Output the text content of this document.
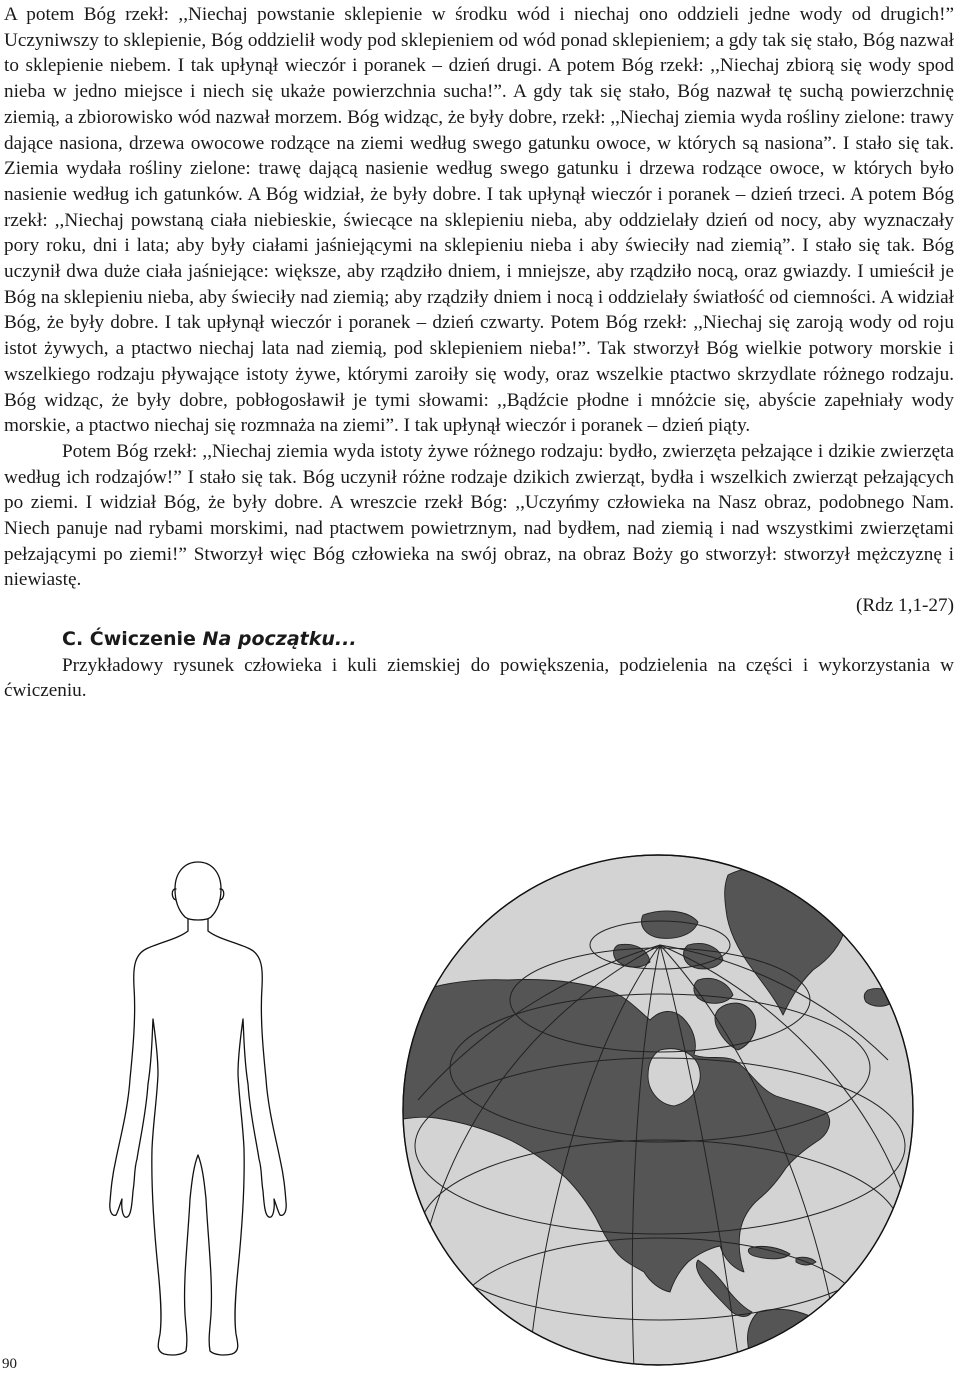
A potem Bóg rzekł: ,,Niechaj powstanie sklepienie w środku wód i niechaj ono oddzieli jedne wody od drugich!” Uczyniwszy to sklepienie, Bóg oddzielił wody pod sklepieniem od wód ponad sklepieniem; a gdy tak się stało, Bóg nazwał to sklepienie niebem. I tak upłynął wieczór i poranek – dzień drugi. A potem Bóg rzekł: ,,Niechaj zbiorą się wody spod nieba w jedno miejsce i niech się ukaże powierzchnia sucha!”. A gdy tak się stało, Bóg nazwał tę suchą powierzchnię ziemią, a zbiorowisko wód nazwał morzem. Bóg widząc, że były dobre, rzekł: ,,Niechaj ziemia wyda rośliny zielone: trawy dające nasiona, drzewa owocowe rodzące na ziemi według swego gatunku owoce, w których są nasiona”. I stało się tak. Ziemia wydała rośliny zielone: trawę dającą nasienie według swego gatunku i drzewa rodzące owoce, w których było nasienie według ich gatunków. A Bóg widział, że były dobre. I tak upłynął wieczór i poranek – dzień trzeci. A potem Bóg rzekł: ,,Niechaj powstaną ciała niebieskie, świecące na sklepieniu nieba, aby oddzielały dzień od nocy, aby wyznaczały pory roku, dni i lata; aby były ciałami jaśniejącymi na sklepieniu nieba i aby świeciły nad ziemią”. I stało się tak. Bóg uczynił dwa duże ciała jaśniejące: większe, aby rządziło dniem, i mniejsze, aby rządziło nocą, oraz gwiazdy. I umieścił je Bóg na sklepieniu nieba, aby świeciły nad ziemią; aby rządziły dniem i nocą i oddzielały światłość od ciemności. A widział Bóg, że były dobre. I tak upłynął wieczór i poranek – dzień czwarty. Potem Bóg rzekł: ,,Niechaj się zaroją wody od roju istot żywych, a ptactwo niechaj lata nad ziemią, pod sklepieniem nieba!”. Tak stworzył Bóg wielkie potwory morskie i wszelkiego rodzaju pływające istoty żywe, którymi zaroiły się wody, oraz wszelkie ptactwo skrzydlate różnego rodzaju. Bóg widząc, że były dobre, pobłogosławił je tymi słowami: ,,Bądźcie płodne i mnóżcie się, abyście zapełniały wody morskie, a ptactwo niechaj się rozmnaża na ziemi”. I tak upłynął wieczór i poranek – dzień piąty.

Potem Bóg rzekł: ,,Niechaj ziemia wyda istoty żywe różnego rodzaju: bydło, zwierzęta pełzające i dzikie zwierzęta według ich rodzajów!” I stało się tak. Bóg uczynił różne rodzaje dzikich zwierząt, bydła i wszelkich zwierząt pełzających po ziemi. I widział Bóg, że były dobre. A wreszcie rzekł Bóg: ,,Uczyńmy człowieka na Nasz obraz, podobnego Nam. Niech panuje nad rybami morskimi, nad ptactwem powietrznym, nad bydłem, nad ziemią i nad wszystkimi zwierzętami pełzającymi po ziemi!” Stworzył więc Bóg człowieka na swój obraz, na obraz Boży go stworzył: stworzył mężczyznę i niewiastę.

(Rdz 1,1-27)

C. Ćwiczenie Na początku...

Przykładowy rysunek człowieka i kuli ziemskiej do powiększenia, podzielenia na części i wykorzystania w ćwiczeniu.

90
